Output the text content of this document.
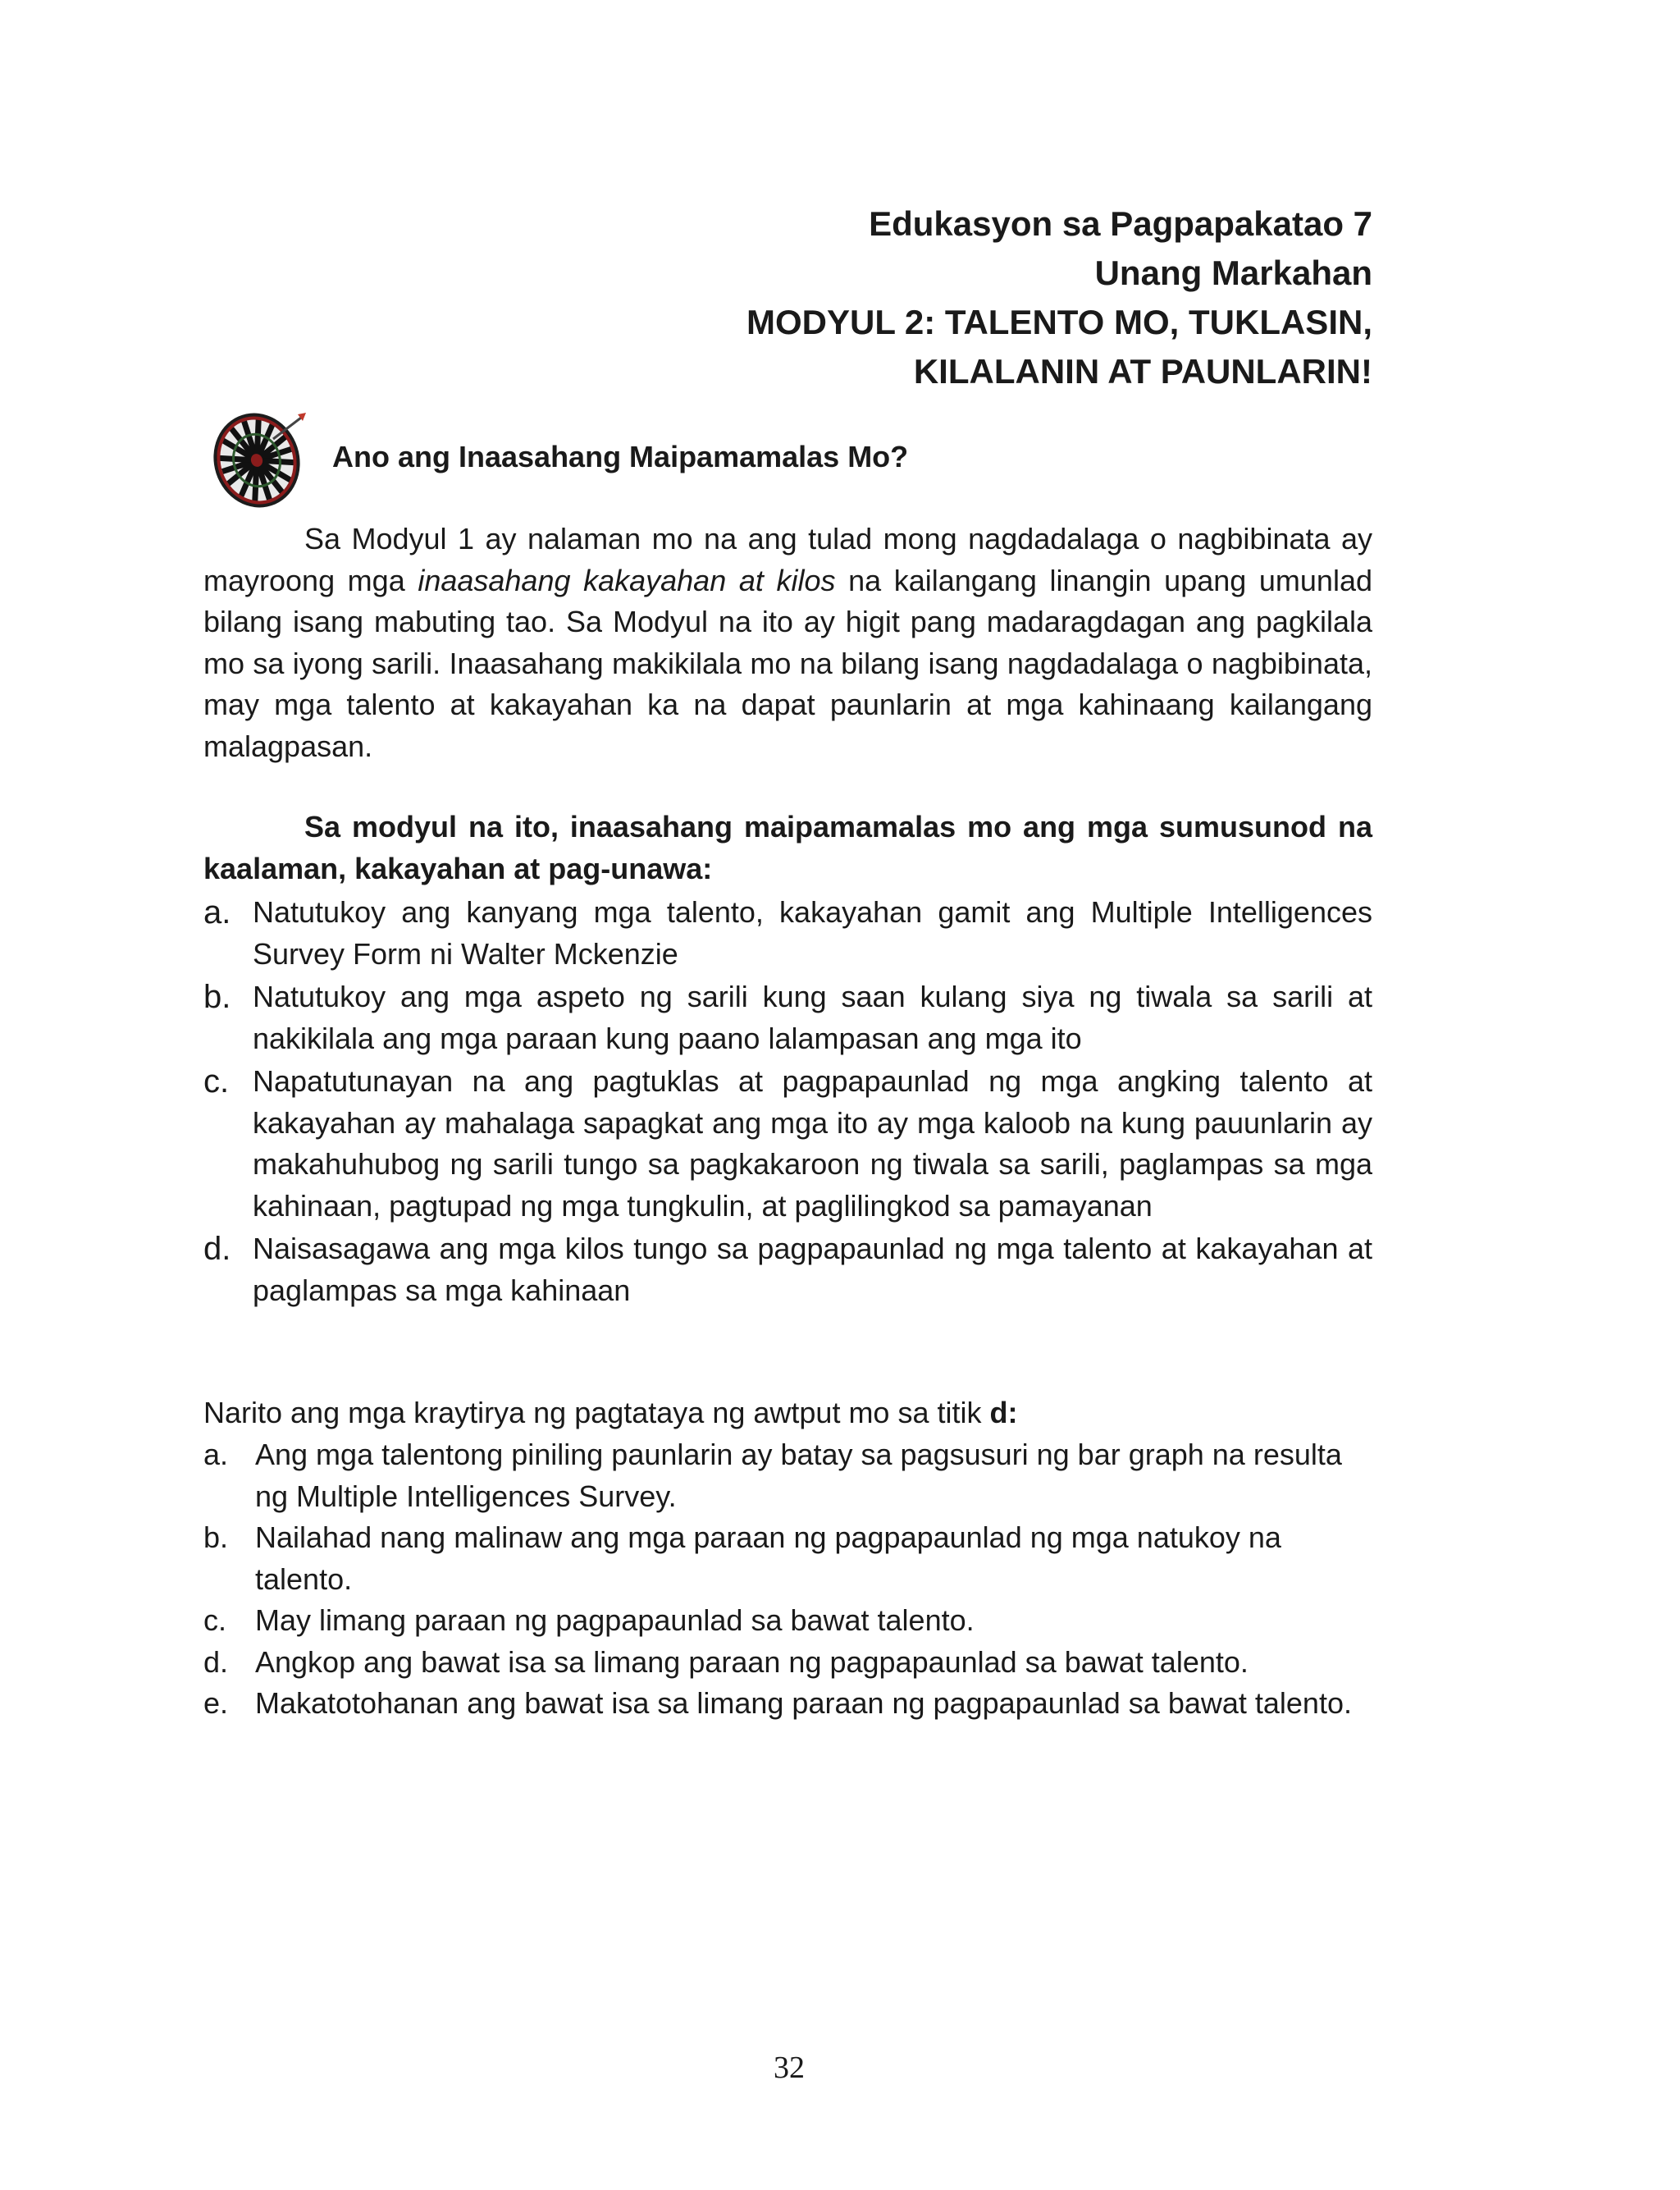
Edukasyon sa Pagpapakatao 7
Unang Markahan
MODYUL 2: TALENTO MO, TUKLASIN,
KILALANIN AT PAUNLARIN!
Ano ang Inaasahang Maipamamalas Mo?
Sa Modyul 1 ay nalaman mo na ang tulad mong nagdadalaga o nagbibinata ay mayroong mga inaasahang kakayahan at kilos na kailangang linangin upang umunlad bilang isang mabuting tao. Sa Modyul na ito ay higit pang madaragdagan ang pagkilala mo sa iyong sarili. Inaasahang makikilala mo na bilang isang nagdadalaga o nagbibinata, may mga talento at kakayahan ka na dapat paunlarin at mga kahinaang kailangang malagpasan.
Sa modyul na ito, inaasahang maipamamalas mo ang mga sumusunod na kaalaman, kakayahan at pag-unawa:
a. Natutukoy ang kanyang mga talento, kakayahan gamit ang Multiple Intelligences Survey Form ni Walter Mckenzie
b. Natutukoy ang mga aspeto ng sarili kung saan kulang siya ng tiwala sa sarili at nakikilala ang mga paraan kung paano lalampasan ang mga ito
c. Napatutunayan na ang pagtuklas at pagpapaunlad ng mga angking talento at kakayahan ay mahalaga sapagkat ang mga ito ay mga kaloob na kung pauunlarin ay makahuhubog ng sarili tungo sa pagkakaroon ng tiwala sa sarili, paglampas sa mga kahinaan, pagtupad ng mga tungkulin, at paglilingkod sa pamayanan
d. Naisasagawa ang mga kilos tungo sa pagpapaunlad ng mga talento at kakayahan at paglampas sa mga kahinaan
Narito ang mga kraytirya ng pagtataya ng awtput mo sa titik d:
a. Ang mga talentong piniling paunlarin ay batay sa pagsusuri ng bar graph na resulta ng Multiple Intelligences Survey.
b. Nailahad nang malinaw ang mga paraan ng pagpapaunlad ng mga natukoy na talento.
c. May limang paraan ng pagpapaunlad sa bawat talento.
d. Angkop ang bawat isa sa limang paraan ng pagpapaunlad sa bawat talento.
e. Makatotohanan ang bawat isa sa limang paraan ng pagpapaunlad sa bawat talento.
32
